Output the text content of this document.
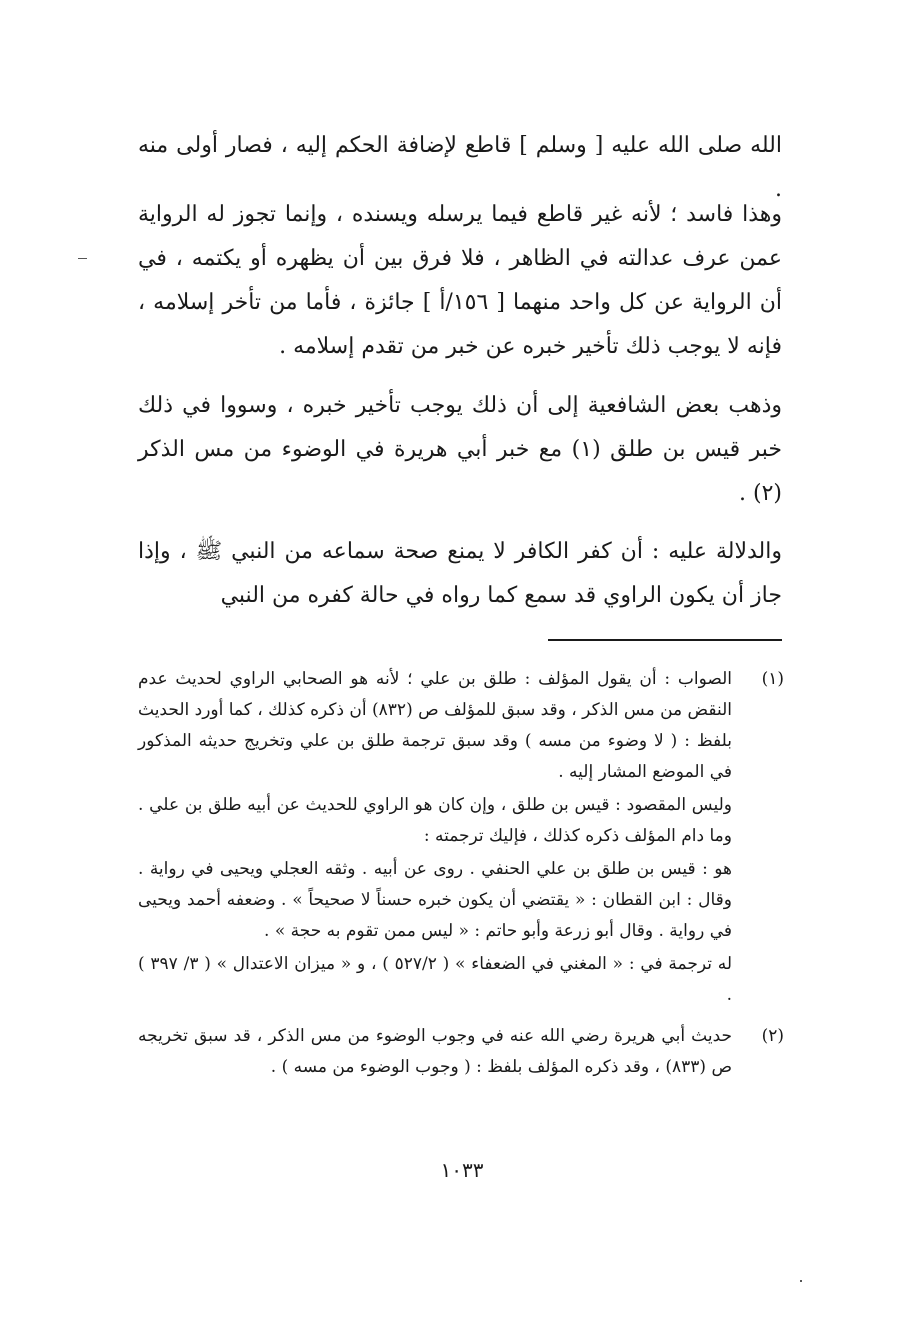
الله صلى الله عليه [ وسلم ] قاطع لإضافة الحكم إليه ، فصار أولى منه .

وهذا فاسد ؛ لأنه غير قاطع فيما يرسله ويسنده ، وإنما تجوز له الرواية عمن عرف عدالته في الظاهر ، فلا فرق بين أن يظهره أو يكتمه ، في أن الرواية عن كل واحد منهما [ ١٥٦/أ ] جائزة ، فأما من تأخر إسلامه ، فإنه لا يوجب ذلك تأخير خبره عن خبر من تقدم إسلامه .

وذهب بعض الشافعية إلى أن ذلك يوجب تأخير خبره ، وسووا في ذلك خبر قيس بن طلق (١) مع خبر أبي هريرة في الوضوء من مس الذكر (٢) .

والدلالة عليه : أن كفر الكافر لا يمنع صحة سماعه من النبي ﷺ ، وإذا جاز أن يكون الراوي قد سمع كما رواه في حالة كفره من النبي

(١)

الصواب : أن يقول المؤلف : طلق بن علي ؛ لأنه هو الصحابي الراوي لحديث عدم النقض من مس الذكر ، وقد سبق للمؤلف ص (٨٣٢) أن ذكره كذلك ، كما أورد الحديث بلفظ : ( لا وضوء من مسه ) وقد سبق ترجمة طلق بن علي وتخريج حديثه المذكور في الموضع المشار إليه .

وليس المقصود : قيس بن طلق ، وإن كان هو الراوي للحديث عن أبيه طلق بن علي . وما دام المؤلف ذكره كذلك ، فإليك ترجمته :

هو : قيس بن طلق بن علي الحنفي . روى عن أبيه . وثقه العجلي ويحيى في رواية . وقال : ابن القطان : « يقتضي أن يكون خبره حسناً لا صحيحاً » . وضعفه أحمد ويحيى في رواية . وقال أبو زرعة وأبو حاتم : « ليس ممن تقوم به حجة » .

له ترجمة في : « المغني في الضعفاء » ( ٥٢٧/٢ ) ، و « ميزان الاعتدال » ( ٣/ ٣٩٧ ) .

(٢)

حديث أبي هريرة رضي الله عنه في وجوب الوضوء من مس الذكر ، قد سبق تخريجه ص (٨٣٣) ، وقد ذكره المؤلف بلفظ : ( وجوب الوضوء من مسه ) .

١٠٣٣
